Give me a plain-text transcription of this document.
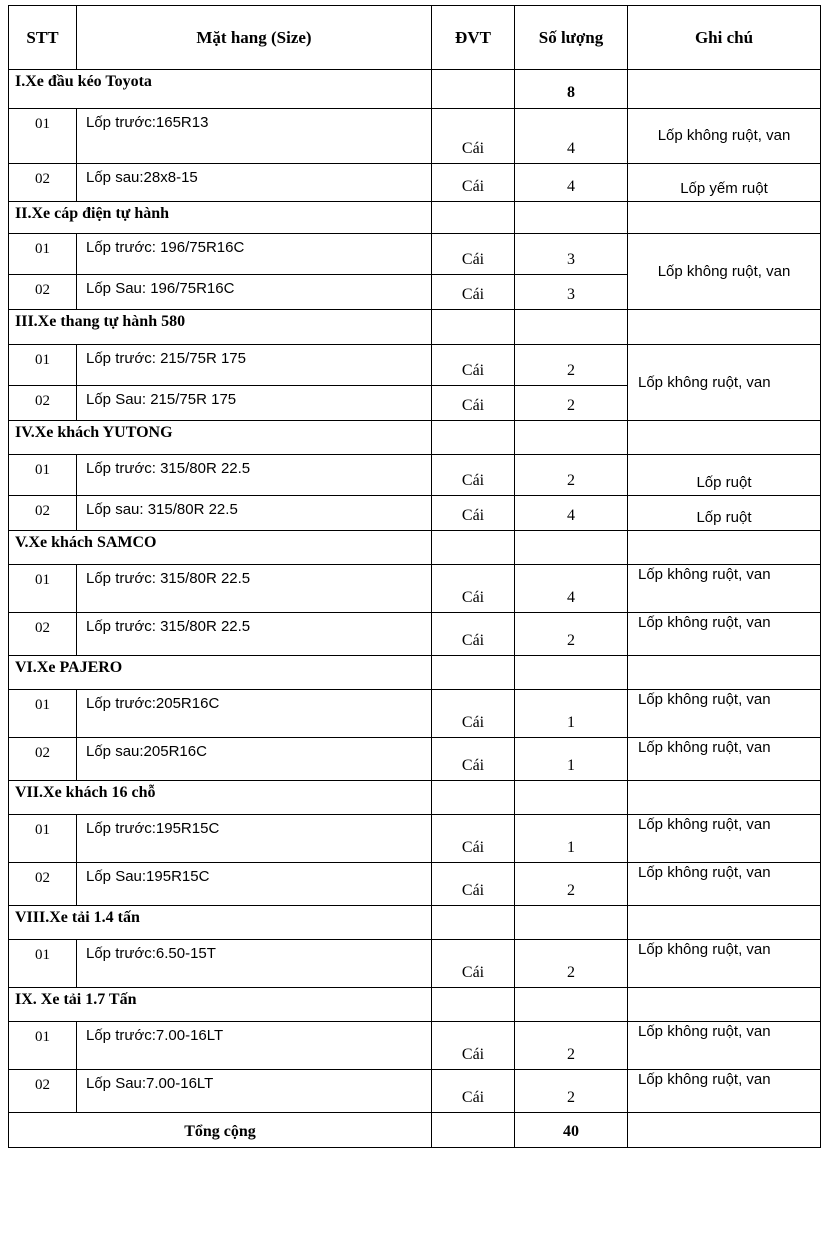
STT	Mặt hang (Size)	ĐVT	Số lượng	Ghi chú
I.Xe đầu kéo Toyota			8	
01	Lốp trước:165R13	Cái	4	Lốp không ruột, van
02	Lốp sau:28x8-15	Cái	4	Lốp yếm ruột
II.Xe cáp điện tự hành				
01	Lốp trước: 196/75R16C	Cái	3	Lốp không ruột, van
02	Lốp Sau: 196/75R16C	Cái	3	
III.Xe thang tự hành 580				
01	Lốp trước: 215/75R 175	Cái	2	Lốp không ruột, van
02	Lốp Sau: 215/75R 175	Cái	2	
IV.Xe khách YUTONG				
01	Lốp trước: 315/80R 22.5	Cái	2	Lốp ruột
02	Lốp sau: 315/80R 22.5	Cái	4	Lốp ruột
V.Xe khách SAMCO				
01	Lốp trước: 315/80R 22.5	Cái	4	Lốp không ruột, van
02	Lốp trước: 315/80R 22.5	Cái	2	Lốp không ruột, van
VI.Xe PAJERO				
01	Lốp trước:205R16C	Cái	1	Lốp không ruột, van
02	Lốp sau:205R16C	Cái	1	Lốp không ruột, van
VII.Xe khách 16 chỗ				
01	Lốp trước:195R15C	Cái	1	Lốp không ruột, van
02	Lốp Sau:195R15C	Cái	2	Lốp không ruột, van
VIII.Xe tải 1.4 tấn				
01	Lốp trước:6.50-15T	Cái	2	Lốp không ruột, van
IX. Xe tải 1.7 Tấn				
01	Lốp trước:7.00-16LT	Cái	2	Lốp không ruột, van
02	Lốp Sau:7.00-16LT	Cái	2	Lốp không ruột, van
Tổng cộng			40	
